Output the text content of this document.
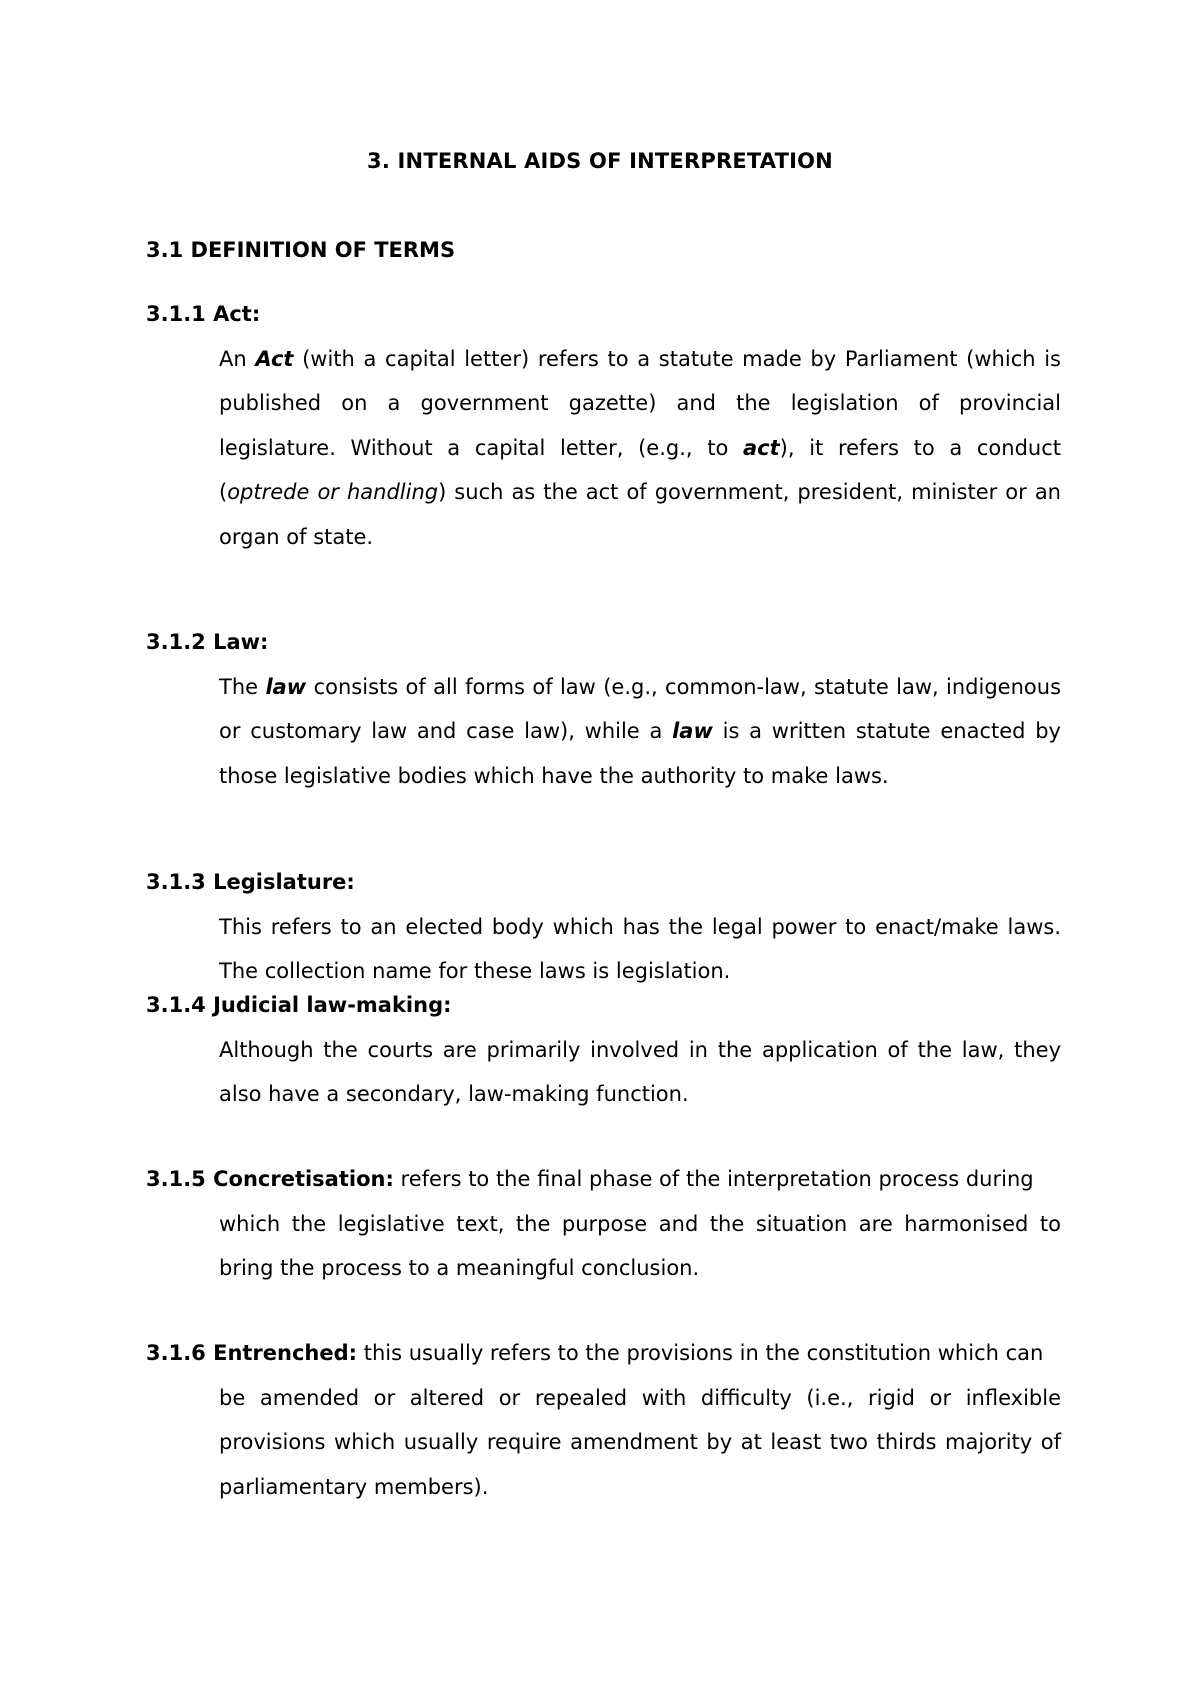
3. INTERNAL AIDS OF INTERPRETATION
3.1 DEFINITION OF TERMS
3.1.1 Act:
An Act (with a capital letter) refers to a statute made by Parliament (which is published on a government gazette) and the legislation of provincial legislature. Without a capital letter, (e.g., to act), it refers to a conduct (optrede or handling) such as the act of government, president, minister or an organ of state.
3.1.2 Law:
The law consists of all forms of law (e.g., common-law, statute law, indigenous or customary law and case law), while a law is a written statute enacted by those legislative bodies which have the authority to make laws.
3.1.3 Legislature:
This refers to an elected body which has the legal power to enact/make laws. The collection name for these laws is legislation.
3.1.4 Judicial law-making:
Although the courts are primarily involved in the application of the law, they also have a secondary, law-making function.
3.1.5 Concretisation: refers to the final phase of the interpretation process during
which the legislative text, the purpose and the situation are harmonised to bring the process to a meaningful conclusion.
3.1.6 Entrenched: this usually refers to the provisions in the constitution which can
be amended or altered or repealed with difficulty (i.e., rigid or inflexible provisions which usually require amendment by at least two thirds majority of parliamentary members).
